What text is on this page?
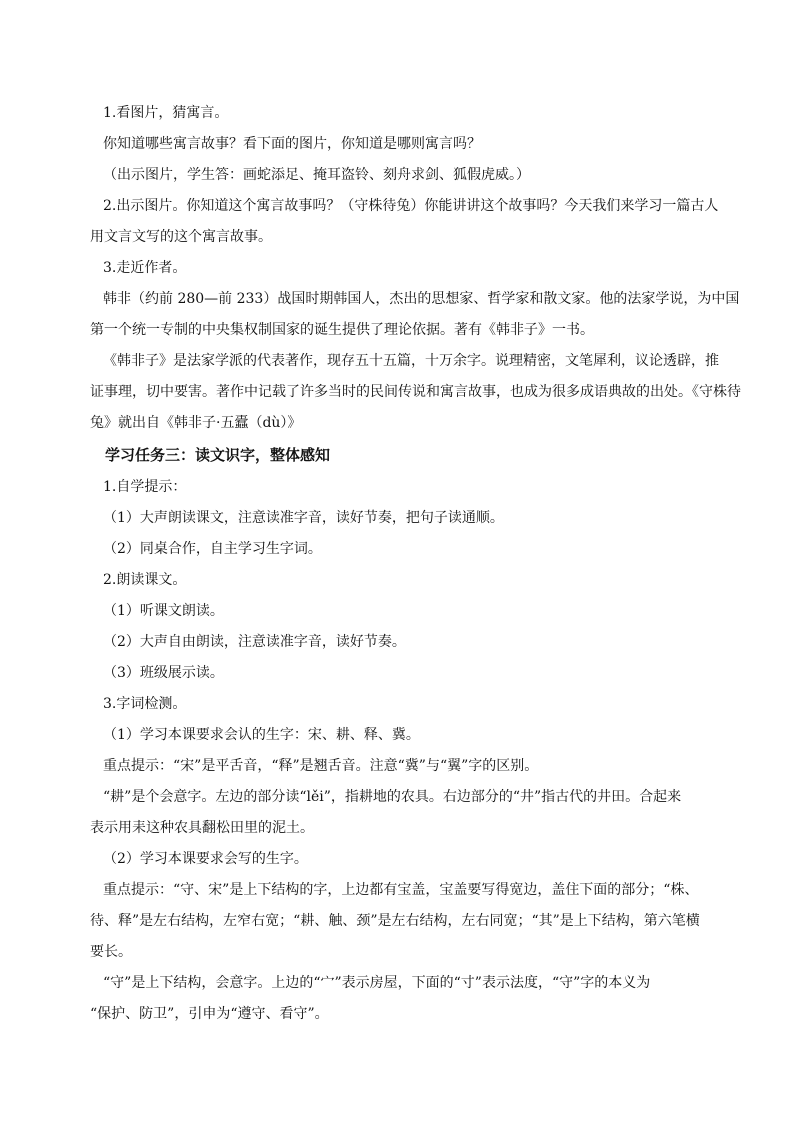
1.看图片，猜寓言。
你知道哪些寓言故事？看下面的图片，你知道是哪则寓言吗？
（出示图片，学生答：画蛇添足、掩耳盗铃、刻舟求剑、狐假虎威。）
2.出示图片。你知道这个寓言故事吗？（守株待兔）你能讲讲这个故事吗？今天我们来学习一篇古人
用文言文写的这个寓言故事。
3.走近作者。
韩非（约前 280—前 233）战国时期韩国人，杰出的思想家、哲学家和散文家。他的法家学说，为中国
第一个统一专制的中央集权制国家的诞生提供了理论依据。著有《韩非子》一书。
《韩非子》是法家学派的代表著作，现存五十五篇，十万余字。说理精密，文笔犀利，议论透辟，推
证事理，切中要害。著作中记载了许多当时的民间传说和寓言故事，也成为很多成语典故的出处。《守株待
兔》就出自《韩非子·五蠹（dù）》
学习任务三：读文识字，整体感知
1.自学提示：
（1）大声朗读课文，注意读准字音，读好节奏，把句子读通顺。
（2）同桌合作，自主学习生字词。
2.朗读课文。
（1）听课文朗读。
（2）大声自由朗读，注意读准字音，读好节奏。
（3）班级展示读。
3.字词检测。
（1）学习本课要求会认的生字：宋、耕、释、冀。
重点提示：“宋”是平舌音，“释”是翘舌音。注意“冀”与“翼”字的区别。
“耕”是个会意字。左边的部分读“lěi”，指耕地的农具。右边部分的“井”指古代的井田。合起来
表示用耒这种农具翻松田里的泥土。
（2）学习本课要求会写的生字。
重点提示：“守、宋”是上下结构的字，上边都有宝盖，宝盖要写得宽边，盖住下面的部分；“株、
待、释”是左右结构，左窄右宽；“耕、触、颈”是左右结构，左右同宽；“其”是上下结构，第六笔横
要长。
“守”是上下结构，会意字。上边的“宀”表示房屋，下面的“寸”表示法度，“守”字的本义为
“保护、防卫”，引申为“遵守、看守”。
